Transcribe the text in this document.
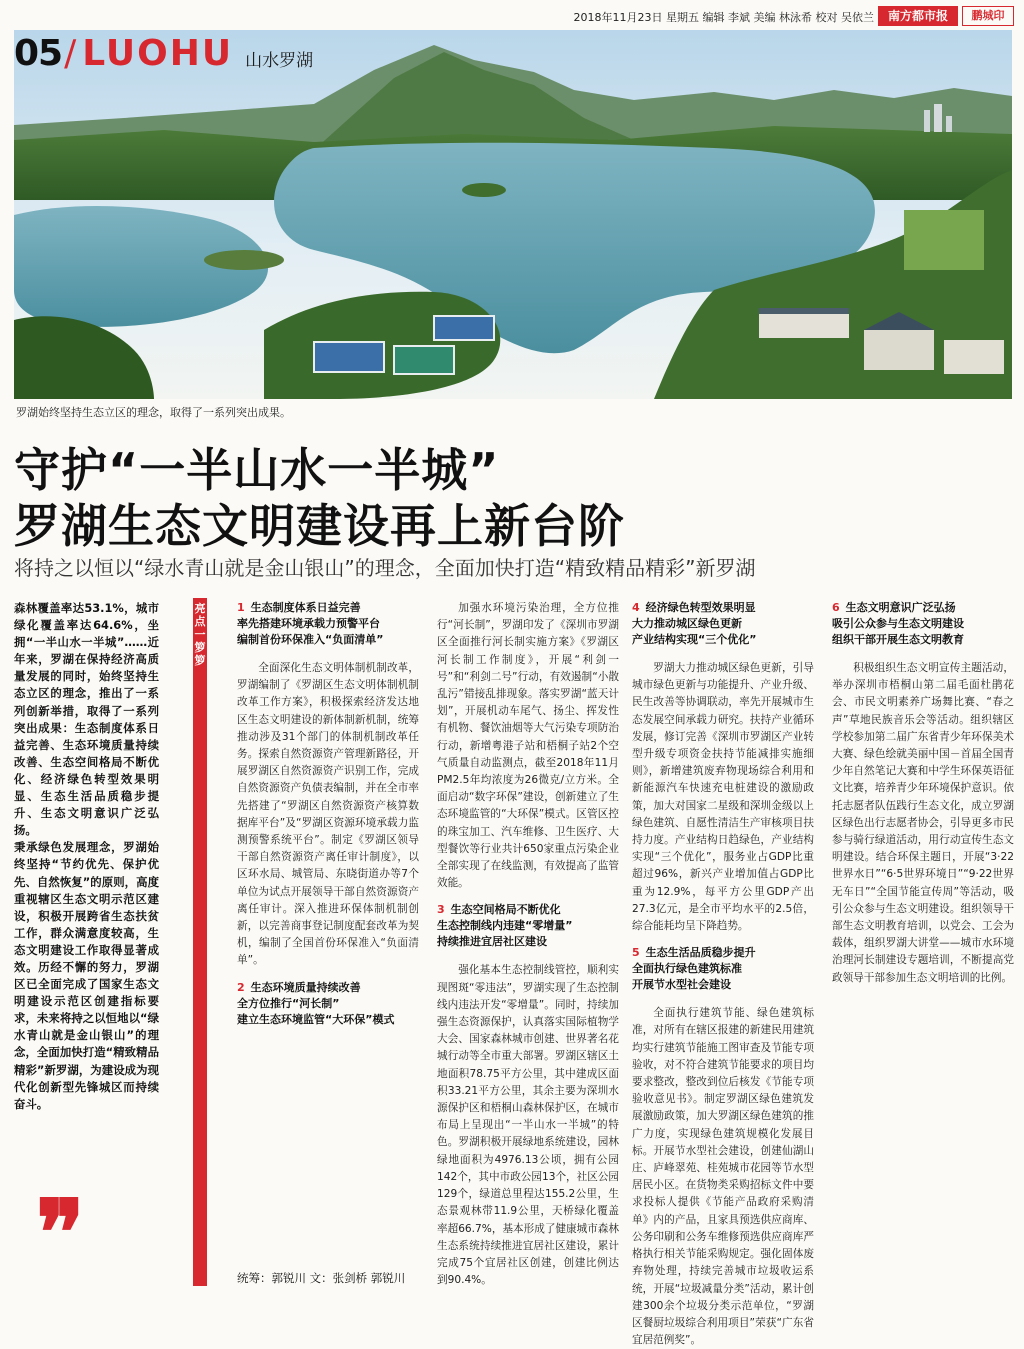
2018年11月23日 星期五 编辑 李斌 美编 林泳希 校对 吴依兰	南方都市报	鹏城印
05 / LUOHU 山水罗湖
罗湖始终坚持生态立区的理念，取得了一系列突出成果。
守护“一半山水一半城”
罗湖生态文明建设再上新台阶
将持之以恒以“绿水青山就是金山银山”的理念，全面加快打造“精致精品精彩”新罗湖

森林覆盖率达53.1%，城市绿化覆盖率达64.6%，坐拥“一半山水一半城”……近年来，罗湖在保持经济高质量发展的同时，始终坚持生态立区的理念，推出了一系列创新举措，取得了一系列突出成果：生态制度体系日益完善、生态环境质量持续改善、生态空间格局不断优化、经济绿色转型效果明显、生态生活品质稳步提升、生态文明意识广泛弘扬。

秉承绿色发展理念，罗湖始终坚持“节约优先、保护优先、自然恢复”的原则，高度重视辖区生态文明示范区建设，积极开展跨省生态扶贫工作，群众满意度较高，生态文明建设工作取得显著成效。历经不懈的努力，罗湖区已全面完成了国家生态文明建设示范区创建指标要求，未来将持之以恒地以“绿水青山就是金山银山”的理念，全面加快打造“精致精品精彩”新罗湖，为建设成为现代化创新型先锋城区而持续奋斗。

❞
亮点一箩箩
1 生态制度体系日益完善
率先搭建环境承载力预警平台
编制首份环保准入“负面清单”

全面深化生态文明体制机制改革，罗湖编制了《罗湖区生态文明体制机制改革工作方案》，积极探索经济发达地区生态文明建设的新体制新机制，统筹推动涉及31个部门的体制机制改革任务。探索自然资源资产管理新路径，开展罗湖区自然资源资产识别工作，完成自然资源资产负债表编制，并在全市率先搭建了“罗湖区自然资源资产核算数据库平台”及“罗湖区资源环境承载力监测预警系统平台”。制定《罗湖区领导干部自然资源资产离任审计制度》，以区环水局、城管局、东晓街道办等7个单位为试点开展领导干部自然资源资产离任审计。深入推进环保体制机制创新，以完善商事登记制度配套改革为契机，编制了全国首份环保准入“负面清单”。

2 生态环境质量持续改善
全方位推行“河长制”
建立生态环境监管“大环保”模式

加强水环境污染治理，全方位推行“河长制”，罗湖印发了《深圳市罗湖区全面推行河长制实施方案》《罗湖区河长制工作制度》，开展“利剑一号”和“利剑二号”行动，有效遏制“小散乱污”错接乱排现象。落实罗湖“蓝天计划”，开展机动车尾气、扬尘、挥发性有机物、餐饮油烟等大气污染专项防治行动，新增粤港子站和梧桐子站2个空气质量自动监测点，截至2018年11月PM2.5年均浓度为26微克/立方米。全面启动“数字环保”建设，创新建立了生态环境监管的“大环保”模式。区管区控的珠宝加工、汽车维修、卫生医疗、大型餐饮等行业共计650家重点污染企业全部实现了在线监测，有效提高了监管效能。

3 生态空间格局不断优化
生态控制线内违建“零增量”
持续推进宜居社区建设

强化基本生态控制线管控，顺利实现图斑“零违法”，罗湖实现了生态控制线内违法开发“零增量”。同时，持续加强生态资源保护，认真落实国际植物学大会、国家森林城市创建、世界著名花城行动等全市重大部署。罗湖区辖区土地面积78.75平方公里，其中建成区面积33.21平方公里，其余主要为深圳水源保护区和梧桐山森林保护区，在城市布局上呈现出“一半山水一半城”的特色。罗湖积极开展绿地系统建设，园林绿地面积为4976.13公顷，拥有公园142个，其中市政公园13个，社区公园129个，绿道总里程达155.2公里，生态景观林带11.9公里，天桥绿化覆盖率超66.7%，基本形成了健康城市森林生态系统持续推进宜居社区建设，累计完成75个宜居社区创建，创建比例达到90.4%。

4 经济绿色转型效果明显
大力推动城区绿色更新
产业结构实现“三个优化”

罗湖大力推动城区绿色更新，引导城市绿色更新与功能提升、产业升级、民生改善等协调联动，率先开展城市生态发展空间承载力研究。扶持产业循环发展，修订完善《深圳市罗湖区产业转型升级专项资金扶持节能减排实施细则》，新增建筑废弃物现场综合利用和新能源汽车快速充电桩建设的激励政策，加大对国家二星级和深圳金级以上绿色建筑、自愿性清洁生产审核项目扶持力度。产业结构日趋绿色，产业结构实现“三个优化”，服务业占GDP比重超过96%，新兴产业增加值占GDP比重为12.9%，每平方公里GDP产出27.3亿元，是全市平均水平的2.5倍，综合能耗均呈下降趋势。

5 生态生活品质稳步提升
全面执行绿色建筑标准
开展节水型社会建设

全面执行建筑节能、绿色建筑标准，对所有在辖区报建的新建民用建筑均实行建筑节能施工图审查及节能专项验收，对不符合建筑节能要求的项目均要求整改，整改到位后核发《节能专项验收意见书》。制定罗湖区绿色建筑发展激励政策，加大罗湖区绿色建筑的推广力度，实现绿色建筑规模化发展目标。开展节水型社会建设，创建仙湖山庄、庐峰翠苑、桂苑城市花园等节水型居民小区。在货物类采购招标文件中要求投标人提供《节能产品政府采购清单》内的产品，且家具预选供应商库、公务印刷和公务车维修预选供应商库严格执行相关节能采购规定。强化固体废弃物处理，持续完善城市垃圾收运系统，开展“垃圾减量分类”活动，累计创建300余个垃圾分类示范单位，“罗湖区餐厨垃圾综合利用项目”荣获“广东省宜居范例奖”。

6 生态文明意识广泛弘扬
吸引公众参与生态文明建设
组织干部开展生态文明教育

积极组织生态文明宣传主题活动，举办深圳市梧桐山第二届毛面杜鹃花会、市民文明素养广场舞比赛、“春之声”草地民族音乐会等活动。组织辖区学校参加第二届广东省青少年环保美术大赛、绿色绘就美丽中国－首届全国青少年自然笔记大赛和中学生环保英语征文比赛，培养青少年环境保护意识。依托志愿者队伍践行生态文化，成立罗湖区绿色出行志愿者协会，引导更多市民参与骑行绿道活动，用行动宣传生态文明建设。结合环保主题日，开展“3·22世界水日”“6·5世界环境日”“9·22世界无车日”“全国节能宣传周”等活动，吸引公众参与生态文明建设。组织领导干部生态文明教育培训，以党会、工会为载体，组织罗湖大讲堂——城市水环境治理河长制建设专题培训，不断提高党政领导干部参加生态文明培训的比例。

统筹：郭锐川 文：张剑桥 郭锐川
